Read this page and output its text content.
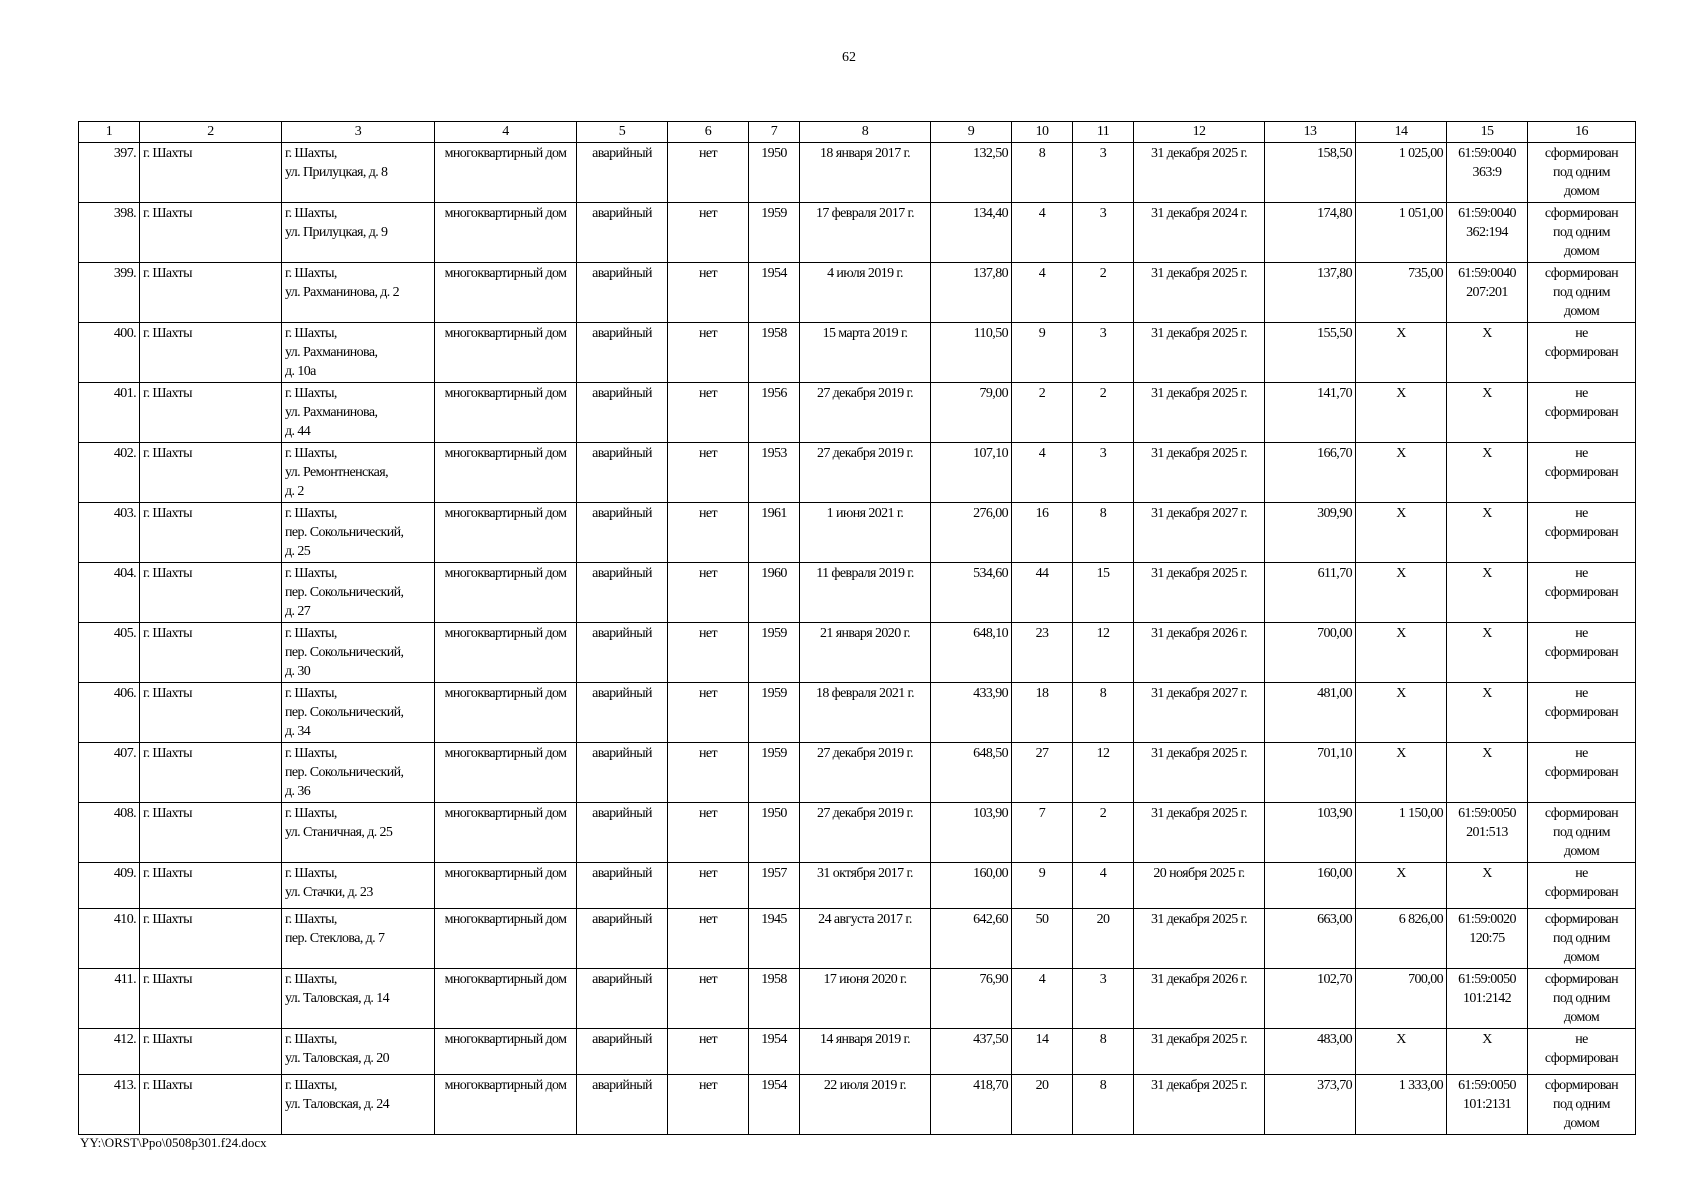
62
1	2	3	4	5	6	7	8	9	10	11	12	13	14	15	16
397.	г. Шахты	г. Шахты,
ул. Прилуцкая, д. 8	многоквартирный дом	аварийный	нет	1950	18 января 2017 г.	132,50	8	3	31 декабря 2025 г.	158,50	1 025,00	61:59:0040
363:9	сформирован
под одним
домом
398.	г. Шахты	г. Шахты,
ул. Прилуцкая, д. 9	многоквартирный дом	аварийный	нет	1959	17 февраля 2017 г.	134,40	4	3	31 декабря 2024 г.	174,80	1 051,00	61:59:0040
362:194	сформирован
под одним
домом
399.	г. Шахты	г. Шахты,
ул. Рахманинова, д. 2	многоквартирный дом	аварийный	нет	1954	4 июля 2019 г.	137,80	4	2	31 декабря 2025 г.	137,80	735,00	61:59:0040
207:201	сформирован
под одним
домом
400.	г. Шахты	г. Шахты,
ул. Рахманинова,
д. 10а	многоквартирный дом	аварийный	нет	1958	15 марта 2019 г.	110,50	9	3	31 декабря 2025 г.	155,50	Х	Х	не
сформирован
401.	г. Шахты	г. Шахты,
ул. Рахманинова,
д. 44	многоквартирный дом	аварийный	нет	1956	27 декабря 2019 г.	79,00	2	2	31 декабря 2025 г.	141,70	Х	Х	не
сформирован
402.	г. Шахты	г. Шахты,
ул. Ремонтненская,
д. 2	многоквартирный дом	аварийный	нет	1953	27 декабря 2019 г.	107,10	4	3	31 декабря 2025 г.	166,70	Х	Х	не
сформирован
403.	г. Шахты	г. Шахты,
пер. Сокольнический,
д. 25	многоквартирный дом	аварийный	нет	1961	1 июня 2021 г.	276,00	16	8	31 декабря 2027 г.	309,90	Х	Х	не
сформирован
404.	г. Шахты	г. Шахты,
пер. Сокольнический,
д. 27	многоквартирный дом	аварийный	нет	1960	11 февраля 2019 г.	534,60	44	15	31 декабря 2025 г.	611,70	Х	Х	не
сформирован
405.	г. Шахты	г. Шахты,
пер. Сокольнический,
д. 30	многоквартирный дом	аварийный	нет	1959	21 января 2020 г.	648,10	23	12	31 декабря 2026 г.	700,00	Х	Х	не
сформирован
406.	г. Шахты	г. Шахты,
пер. Сокольнический,
д. 34	многоквартирный дом	аварийный	нет	1959	18 февраля 2021 г.	433,90	18	8	31 декабря 2027 г.	481,00	Х	Х	не
сформирован
407.	г. Шахты	г. Шахты,
пер. Сокольнический,
д. 36	многоквартирный дом	аварийный	нет	1959	27 декабря 2019 г.	648,50	27	12	31 декабря 2025 г.	701,10	Х	Х	не
сформирован
408.	г. Шахты	г. Шахты,
ул. Станичная, д. 25	многоквартирный дом	аварийный	нет	1950	27 декабря 2019 г.	103,90	7	2	31 декабря 2025 г.	103,90	1 150,00	61:59:0050
201:513	сформирован
под одним
домом
409.	г. Шахты	г. Шахты,
ул. Стачки, д. 23	многоквартирный дом	аварийный	нет	1957	31 октября 2017 г.	160,00	9	4	20 ноября 2025 г.	160,00	Х	Х	не
сформирован
410.	г. Шахты	г. Шахты,
пер. Стеклова, д. 7	многоквартирный дом	аварийный	нет	1945	24 августа 2017 г.	642,60	50	20	31 декабря 2025 г.	663,00	6 826,00	61:59:0020
120:75	сформирован
под одним
домом
411.	г. Шахты	г. Шахты,
ул. Таловская, д. 14	многоквартирный дом	аварийный	нет	1958	17 июня 2020 г.	76,90	4	3	31 декабря 2026 г.	102,70	700,00	61:59:0050
101:2142	сформирован
под одним
домом
412.	г. Шахты	г. Шахты,
ул. Таловская, д. 20	многоквартирный дом	аварийный	нет	1954	14 января 2019 г.	437,50	14	8	31 декабря 2025 г.	483,00	Х	Х	не
сформирован
413.	г. Шахты	г. Шахты,
ул. Таловская, д. 24	многоквартирный дом	аварийный	нет	1954	22 июля 2019 г.	418,70	20	8	31 декабря 2025 г.	373,70	1 333,00	61:59:0050
101:2131	сформирован
под одним
домом
YY:\ORST\Ppo\0508p301.f24.docx
